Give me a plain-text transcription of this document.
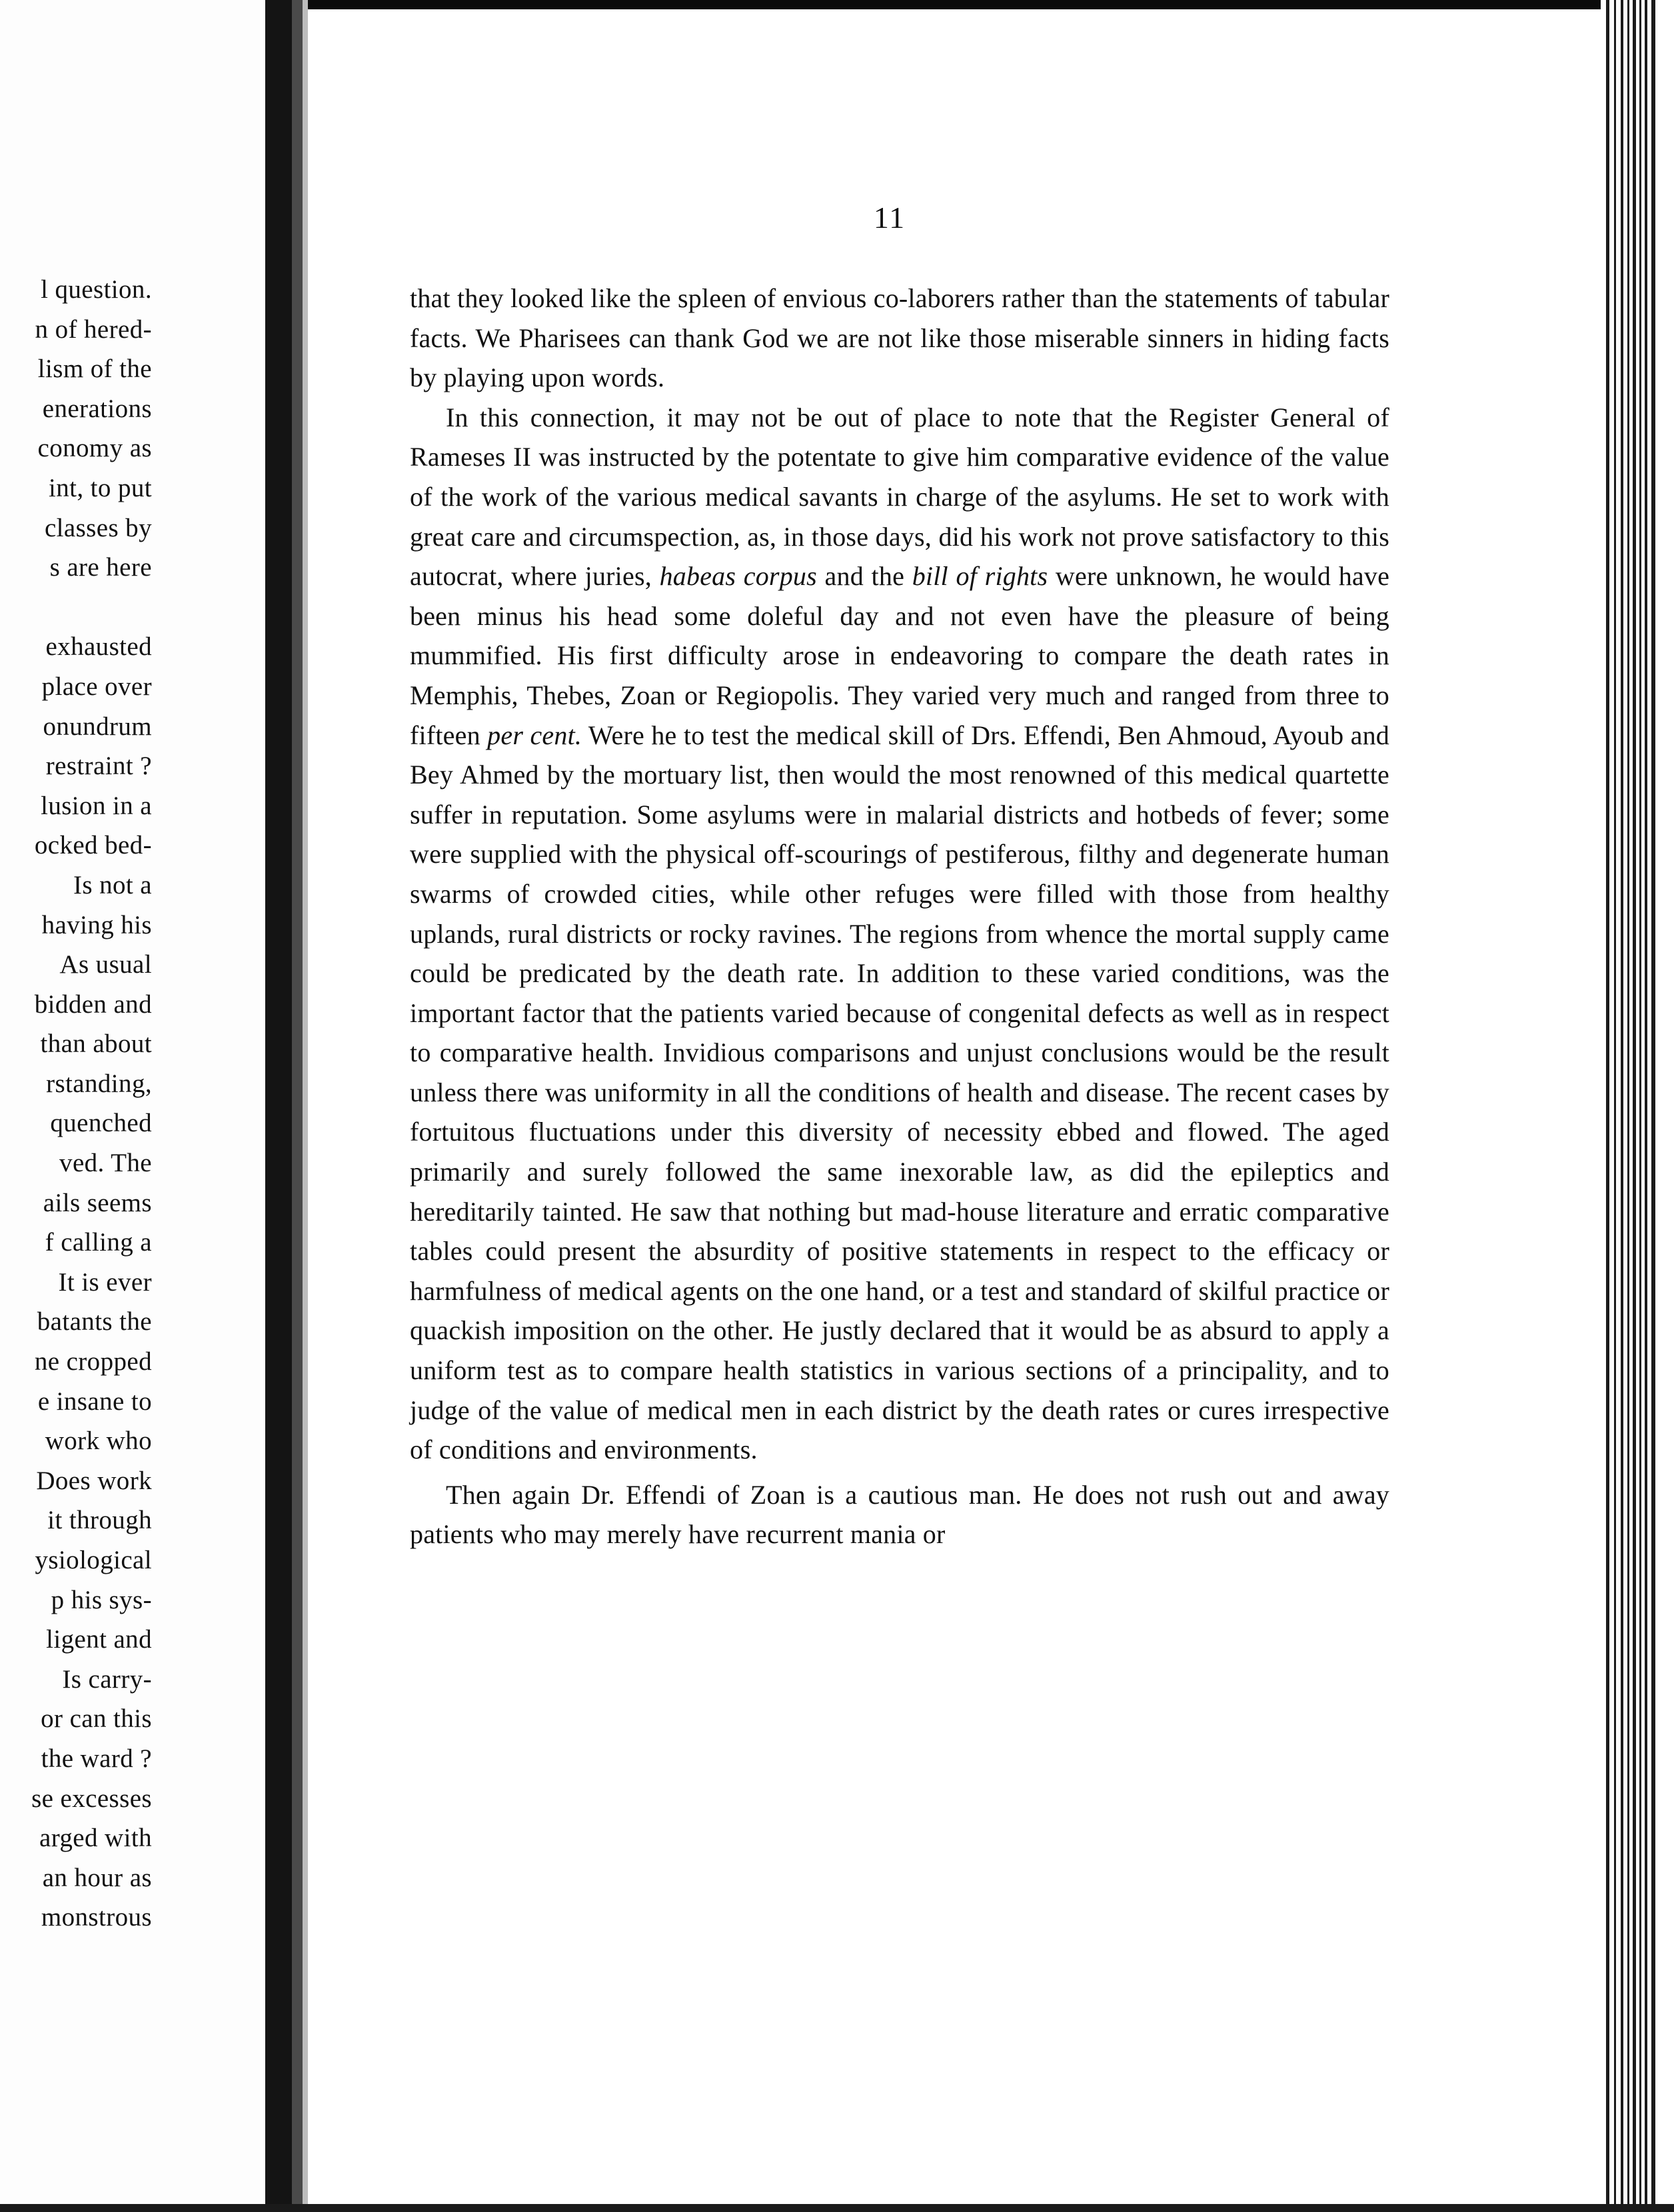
l question.
n of hered-
lism of the
enerations
conomy as
int, to put
classes by
s are here
exhausted
place over
onundrum
restraint ?
lusion in a
ocked bed-
Is not a
having his
As usual
bidden and
than about
rstanding,
quenched
ved. The
ails seems
f calling a
It is ever
batants the
ne cropped
e insane to
work who
Does work
it through
ysiological
p his sys-
ligent and
Is carry-
or can this
the ward ?
se excesses
arged with
an hour as
monstrous
11

that they looked like the spleen of envious co-laborers rather than the statements of tabular facts. We Pharisees can thank God we are not like those miserable sinners in hiding facts by playing upon words.

In this connection, it may not be out of place to note that the Register General of Rameses II was instructed by the potentate to give him comparative evidence of the value of the work of the various medical savants in charge of the asylums. He set to work with great care and circumspection, as, in those days, did his work not prove satisfactory to this autocrat, where juries, habeas corpus and the bill of rights were unknown, he would have been minus his head some doleful day and not even have the pleasure of being mummified. His first difficulty arose in endeavoring to compare the death rates in Memphis, Thebes, Zoan or Regiopolis. They varied very much and ranged from three to fifteen per cent. Were he to test the medical skill of Drs. Effendi, Ben Ahmoud, Ayoub and Bey Ahmed by the mortuary list, then would the most renowned of this medical quartette suffer in reputation. Some asylums were in malarial districts and hotbeds of fever; some were supplied with the physical off-scourings of pestiferous, filthy and degenerate human swarms of crowded cities, while other refuges were filled with those from healthy uplands, rural districts or rocky ravines. The regions from whence the mortal supply came could be predicated by the death rate. In addition to these varied conditions, was the important factor that the patients varied because of congenital defects as well as in respect to comparative health. Invidious comparisons and unjust conclusions would be the result unless there was uniformity in all the conditions of health and disease. The recent cases by fortuitous fluctuations under this diversity of necessity ebbed and flowed. The aged primarily and surely followed the same inexorable law, as did the epileptics and hereditarily tainted. He saw that nothing but mad-house literature and erratic comparative tables could present the absurdity of positive statements in respect to the efficacy or harmfulness of medical agents on the one hand, or a test and standard of skilful practice or quackish imposition on the other. He justly declared that it would be as absurd to apply a uniform test as to compare health statistics in various sections of a principality, and to judge of the value of medical men in each district by the death rates or cures irrespective of conditions and environments.

Then again Dr. Effendi of Zoan is a cautious man. He does not rush out and away patients who may merely have recurrent mania or
